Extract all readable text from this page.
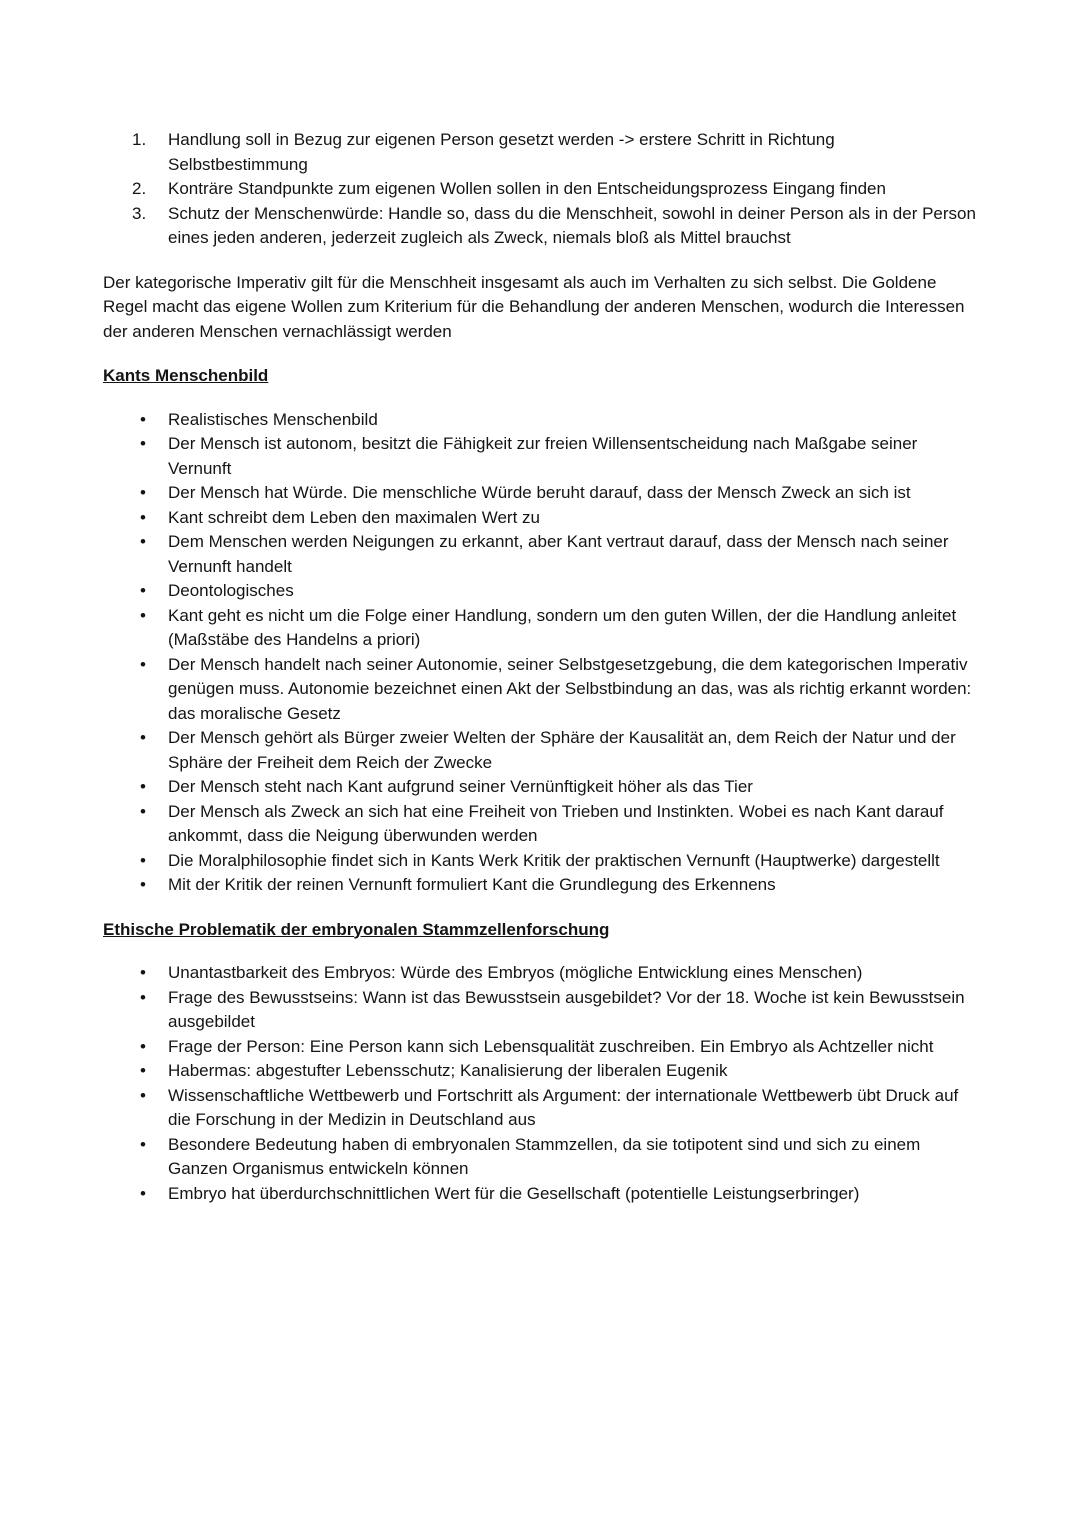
Handlung soll in Bezug zur eigenen Person gesetzt werden -> erstere Schritt in Richtung Selbstbestimmung
Konträre Standpunkte zum eigenen Wollen sollen in den Entscheidungsprozess Eingang finden
Schutz der Menschenwürde: Handle so, dass du die Menschheit, sowohl in deiner Person als in der Person eines jeden anderen, jederzeit zugleich als Zweck, niemals bloß als Mittel brauchst

Der kategorische Imperativ gilt für die Menschheit insgesamt als auch im Verhalten zu sich selbst. Die Goldene Regel macht das eigene Wollen zum Kriterium für die Behandlung der anderen Menschen, wodurch die Interessen der anderen Menschen vernachlässigt werden

Kants Menschenbild
• Realistisches Menschenbild
• Der Mensch ist autonom, besitzt die Fähigkeit zur freien Willensentscheidung nach Maßgabe seiner Vernunft
• Der Mensch hat Würde. Die menschliche Würde beruht darauf, dass der Mensch Zweck an sich ist
• Kant schreibt dem Leben den maximalen Wert zu
• Dem Menschen werden Neigungen zu erkannt, aber Kant vertraut darauf, dass der Mensch nach seiner Vernunft handelt
• Deontologisches
• Kant geht es nicht um die Folge einer Handlung, sondern um den guten Willen, der die Handlung anleitet (Maßstäbe des Handelns a priori)
• Der Mensch handelt nach seiner Autonomie, seiner Selbstgesetzgebung, die dem kategorischen Imperativ genügen muss. Autonomie bezeichnet einen Akt der Selbstbindung an das, was als richtig erkannt worden: das moralische Gesetz
• Der Mensch gehört als Bürger zweier Welten der Sphäre der Kausalität an, dem Reich der Natur und der Sphäre der Freiheit dem Reich der Zwecke
• Der Mensch steht nach Kant aufgrund seiner Vernünftigkeit höher als das Tier
• Der Mensch als Zweck an sich hat eine Freiheit von Trieben und Instinkten. Wobei es nach Kant darauf ankommt, dass die Neigung überwunden werden
• Die Moralphilosophie findet sich in Kants Werk Kritik der praktischen Vernunft (Hauptwerke) dargestellt
• Mit der Kritik der reinen Vernunft formuliert Kant die Grundlegung des Erkennens
Ethische Problematik der embryonalen Stammzellenforschung
• Unantastbarkeit des Embryos: Würde des Embryos (mögliche Entwicklung eines Menschen)
• Frage des Bewusstseins: Wann ist das Bewusstsein ausgebildet? Vor der 18. Woche ist kein Bewusstsein ausgebildet
• Frage der Person: Eine Person kann sich Lebensqualität zuschreiben. Ein Embryo als Achtzeller nicht
• Habermas: abgestufter Lebensschutz; Kanalisierung der liberalen Eugenik
• Wissenschaftliche Wettbewerb und Fortschritt als Argument: der internationale Wettbewerb übt Druck auf die Forschung in der Medizin in Deutschland aus
• Besondere Bedeutung haben di embryonalen Stammzellen, da sie totipotent sind und sich zu einem Ganzen Organismus entwickeln können
• Embryo hat überdurchschnittlichen Wert für die Gesellschaft (potentielle Leistungserbringer)
